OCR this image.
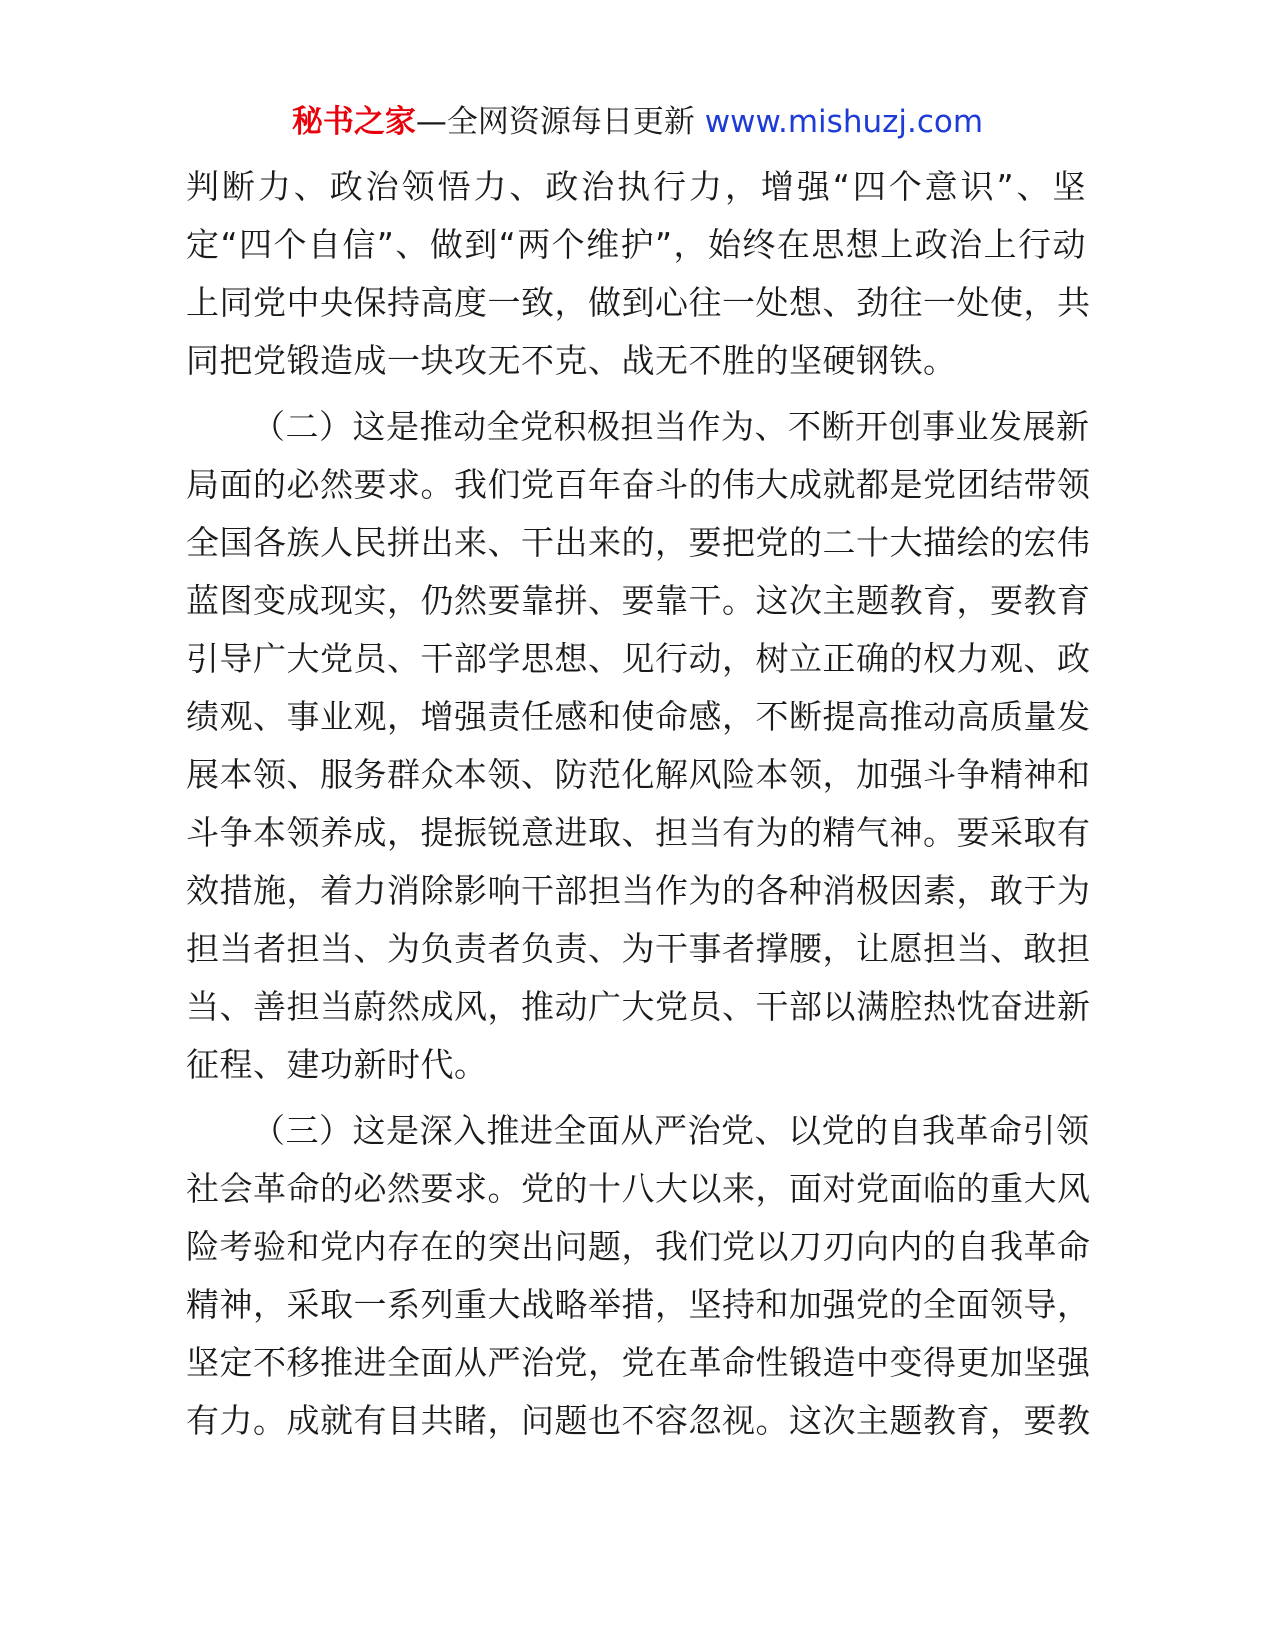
秘书之家—全网资源每日更新 www.mishuzj.com
判断力、政治领悟力、政治执行力，增强“四个意识”、坚
定“四个自信”、做到“两个维护”，始终在思想上政治上行动
上同党中央保持高度一致，做到心往一处想、劲往一处使，共
同把党锻造成一块攻无不克、战无不胜的坚硬钢铁。
（二）这是推动全党积极担当作为、不断开创事业发展新
局面的必然要求。我们党百年奋斗的伟大成就都是党团结带领
全国各族人民拼出来、干出来的，要把党的二十大描绘的宏伟
蓝图变成现实，仍然要靠拼、要靠干。这次主题教育，要教育
引导广大党员、干部学思想、见行动，树立正确的权力观、政
绩观、事业观，增强责任感和使命感，不断提高推动高质量发
展本领、服务群众本领、防范化解风险本领，加强斗争精神和
斗争本领养成，提振锐意进取、担当有为的精气神。要采取有
效措施，着力消除影响干部担当作为的各种消极因素，敢于为
担当者担当、为负责者负责、为干事者撑腰，让愿担当、敢担
当、善担当蔚然成风，推动广大党员、干部以满腔热忱奋进新
征程、建功新时代。
（三）这是深入推进全面从严治党、以党的自我革命引领
社会革命的必然要求。党的十八大以来，面对党面临的重大风
险考验和党内存在的突出问题，我们党以刀刃向内的自我革命
精神，采取一系列重大战略举措，坚持和加强党的全面领导，
坚定不移推进全面从严治党，党在革命性锻造中变得更加坚强
有力。成就有目共睹，问题也不容忽视。这次主题教育，要教
